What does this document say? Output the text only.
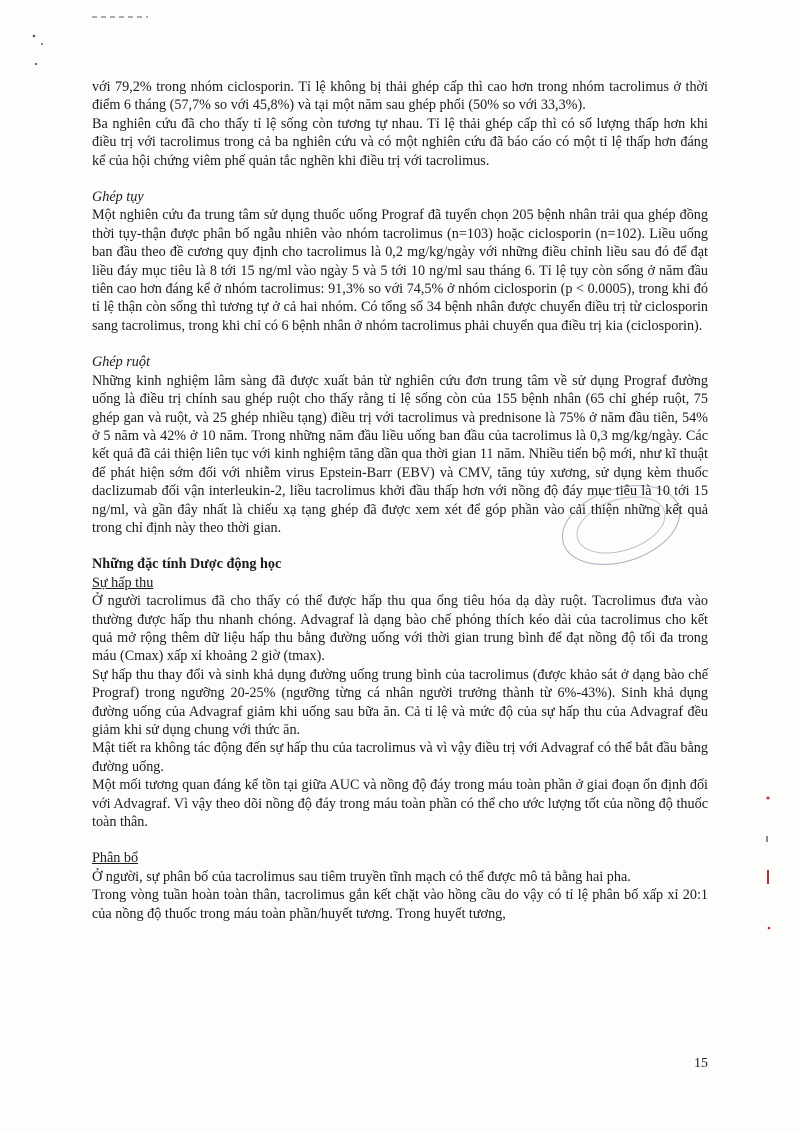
với 79,2% trong nhóm ciclosporin. Tỉ lệ không bị thải ghép cấp thì cao hơn trong nhóm tacrolimus ở thời điểm 6 tháng (57,7% so với 45,8%) và tại một năm sau ghép phổi (50% so với 33,3%).

Ba nghiên cứu đã cho thấy tỉ lệ sống còn tương tự nhau. Tỉ lệ thải ghép cấp thì có số lượng thấp hơn khi điều trị với tacrolimus trong cả ba nghiên cứu và có một nghiên cứu đã báo cáo có một tỉ lệ thấp hơn đáng kể của hội chứng viêm phế quản tắc nghẽn khi điều trị với tacrolimus.

Ghép tụy

Một nghiên cứu đa trung tâm sử dụng thuốc uống Prograf đã tuyển chọn 205 bệnh nhân trải qua ghép đồng thời tụy-thận được phân bố ngẫu nhiên vào nhóm tacrolimus (n=103) hoặc ciclosporin (n=102). Liều uống ban đầu theo đề cương quy định cho tacrolimus là 0,2 mg/kg/ngày với những điều chỉnh liều sau đó để đạt liều đáy mục tiêu là 8 tới 15 ng/ml vào ngày 5 và 5 tới 10 ng/ml sau tháng 6. Tỉ lệ tụy còn sống ở năm đầu tiên cao hơn đáng kể ở nhóm tacrolimus: 91,3% so với 74,5% ở nhóm ciclosporin (p < 0.0005), trong khi đó tỉ lệ thận còn sống thì tương tự ở cả hai nhóm. Có tổng số 34 bệnh nhân được chuyển điều trị từ ciclosporin sang tacrolimus, trong khi chỉ có 6 bệnh nhân ở nhóm tacrolimus phải chuyển qua điều trị kia (ciclosporin).

Ghép ruột

Những kinh nghiệm lâm sàng đã được xuất bản từ nghiên cứu đơn trung tâm về sử dụng Prograf đường uống là điều trị chính sau ghép ruột cho thấy rằng tỉ lệ sống còn của 155 bệnh nhân (65 chỉ ghép ruột, 75 ghép gan và ruột, và 25 ghép nhiều tạng) điều trị với tacrolimus và prednisone là 75% ở năm đầu tiên, 54% ở 5 năm và 42% ở 10 năm. Trong những năm đầu liều uống ban đầu của tacrolimus là 0,3 mg/kg/ngày. Các kết quả đã cải thiện liên tục với kinh nghiệm tăng dần qua thời gian 11 năm. Nhiều tiến bộ mới, như kĩ thuật để phát hiện sớm đối với nhiễm virus Epstein-Barr (EBV) và CMV, tăng tủy xương, sử dụng kèm thuốc daclizumab đối vận interleukin-2, liều tacrolimus khởi đầu thấp hơn với nồng độ đáy mục tiêu là 10 tới 15 ng/ml, và gần đây nhất là chiếu xạ tạng ghép đã được xem xét để góp phần vào cải thiện những kết quả trong chỉ định này theo thời gian.

Những đặc tính Dược động học

Sự hấp thu

Ở người tacrolimus đã cho thấy có thể được hấp thu qua ống tiêu hóa dạ dày ruột. Tacrolimus đưa vào thường được hấp thu nhanh chóng. Advagraf là dạng bào chế phóng thích kéo dài của tacrolimus cho kết quả mở rộng thêm dữ liệu hấp thu bằng đường uống với thời gian trung bình để đạt nồng độ tối đa trong máu (Cmax) xấp xỉ khoảng 2 giờ (tmax).

Sự hấp thu thay đổi và sinh khả dụng đường uống trung bình của tacrolimus (được khảo sát ở dạng bào chế Prograf) trong ngưỡng 20-25% (ngưỡng từng cá nhân người trưởng thành từ 6%-43%). Sinh khả dụng đường uống của Advagraf giảm khi uống sau bữa ăn. Cả tỉ lệ và mức độ của sự hấp thu của Advagraf đều giảm khi sử dụng chung với thức ăn.

Mật tiết ra không tác động đến sự hấp thu của tacrolimus và vì vậy điều trị với Advagraf có thể bắt đầu bằng đường uống.

Một mối tương quan đáng kể tồn tại giữa AUC và nồng độ đáy trong máu toàn phần ở giai đoạn ổn định đối với Advagraf. Vì vậy theo dõi nồng độ đáy trong máu toàn phần có thể cho ước lượng tốt của nồng độ thuốc toàn thân.

Phân bố

Ở người, sự phân bố của tacrolimus sau tiêm truyền tĩnh mạch có thể được mô tả bằng hai pha.

Trong vòng tuần hoàn toàn thân, tacrolimus gắn kết chặt vào hồng cầu do vậy có tỉ lệ phân bố xấp xỉ 20:1 của nồng độ thuốc trong máu toàn phần/huyết tương. Trong huyết tương,

15
